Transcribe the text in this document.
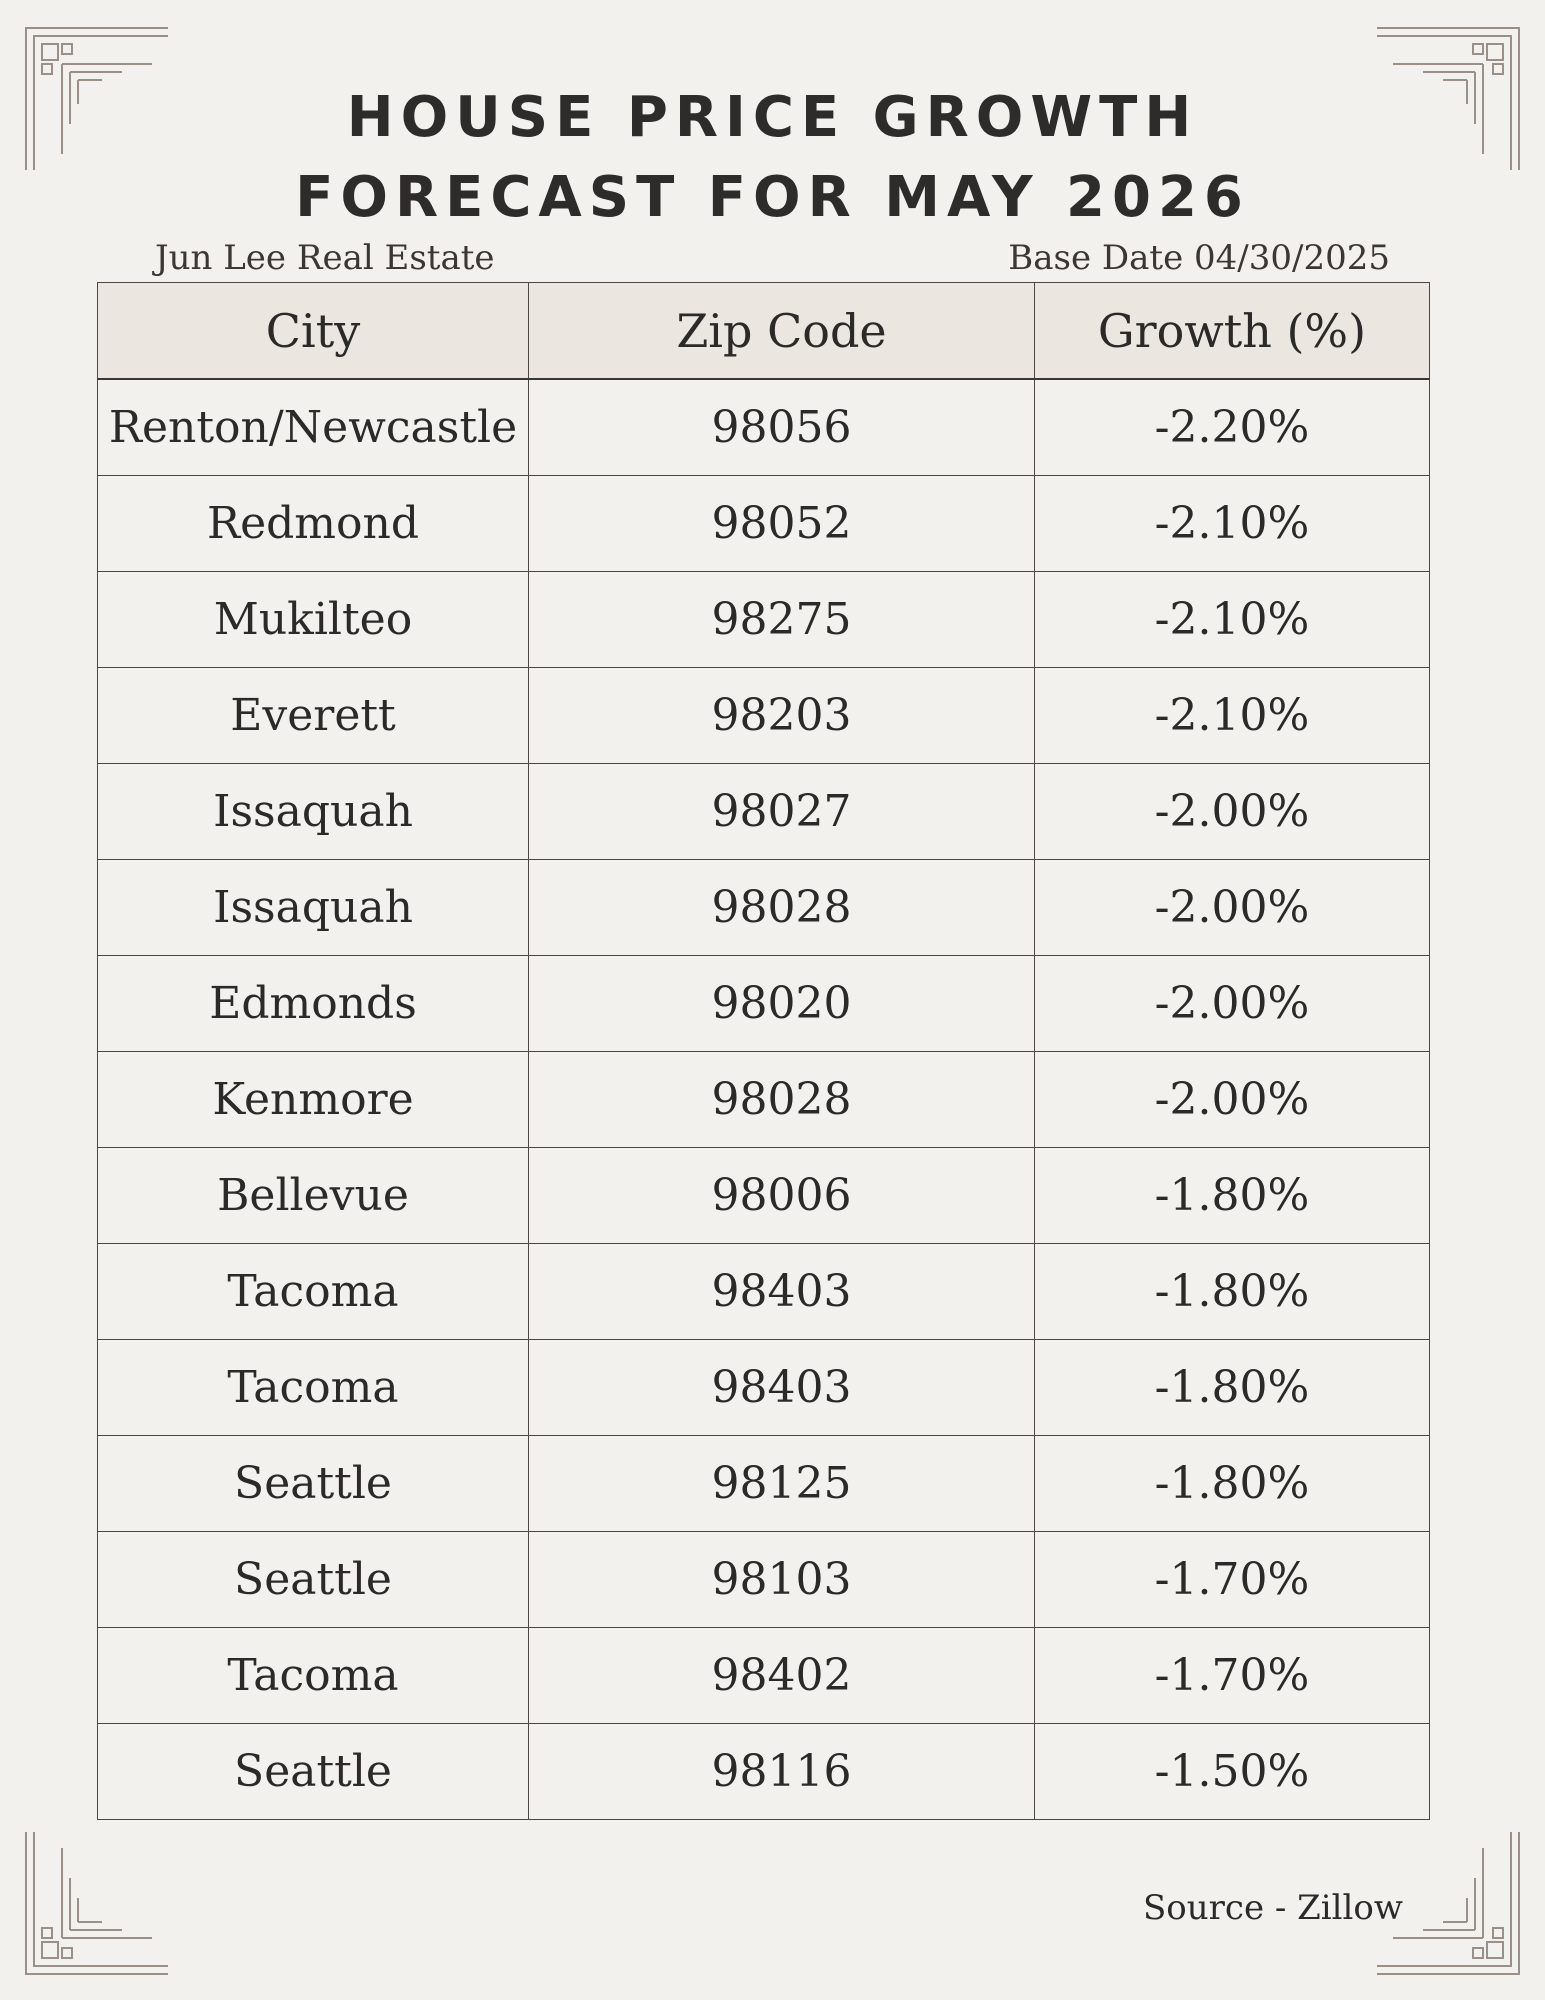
HOUSE PRICE GROWTH
FORECAST FOR MAY 2026
Jun Lee Real Estate	Base Date 04/30/2025
City	Zip Code	Growth (%)
Renton/Newcastle	98056	-2.20%
Redmond	98052	-2.10%
Mukilteo	98275	-2.10%
Everett	98203	-2.10%
Issaquah	98027	-2.00%
Issaquah	98028	-2.00%
Edmonds	98020	-2.00%
Kenmore	98028	-2.00%
Bellevue	98006	-1.80%
Tacoma	98403	-1.80%
Tacoma	98403	-1.80%
Seattle	98125	-1.80%
Seattle	98103	-1.70%
Tacoma	98402	-1.70%
Seattle	98116	-1.50%
Source - Zillow
